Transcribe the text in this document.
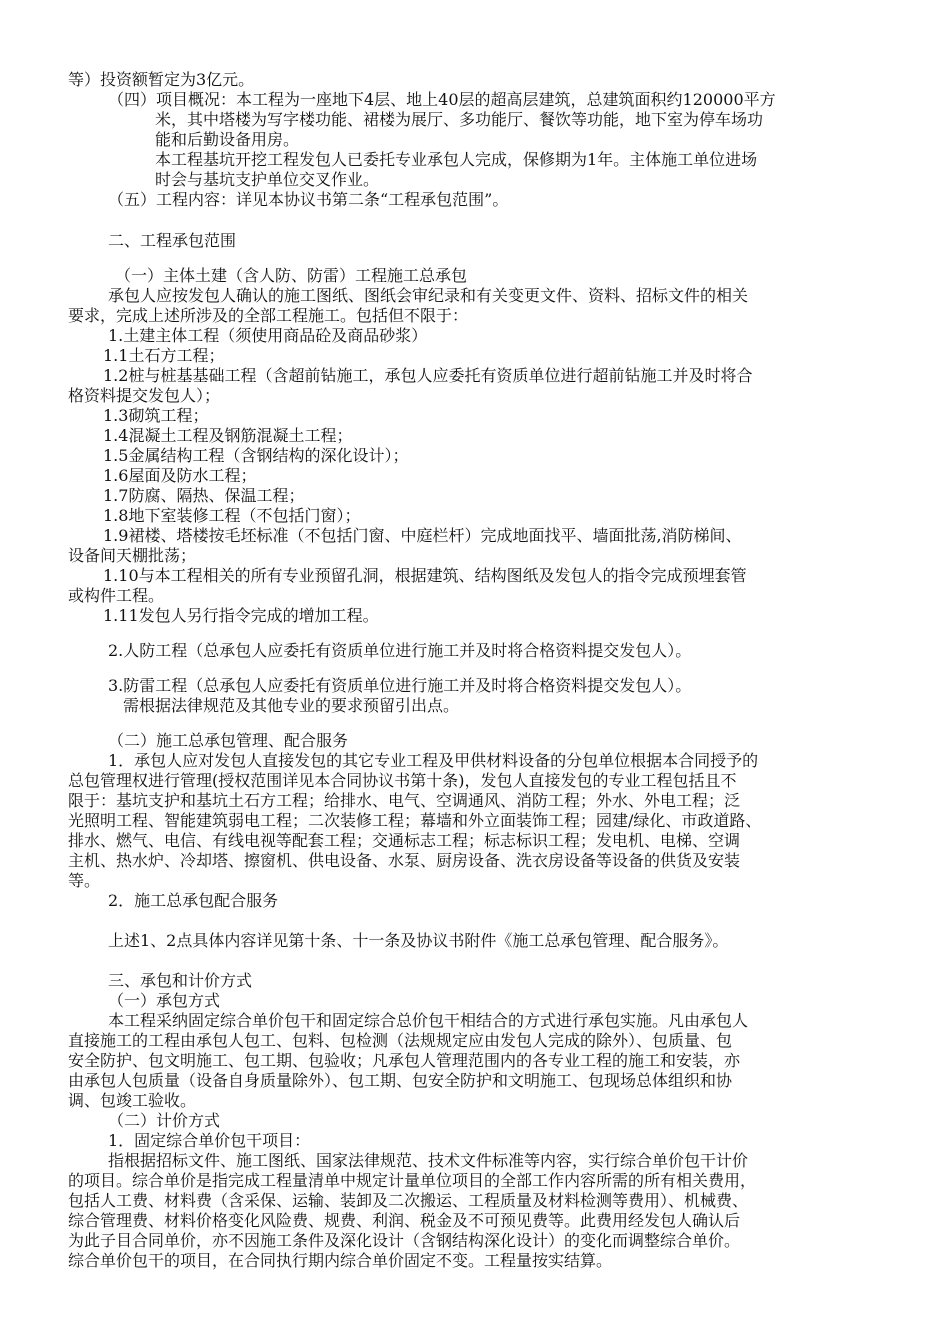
等）投资额暂定为3亿元。
（四）项目概况：本工程为一座地下4层、地上40层的超高层建筑，总建筑面积约120000平方
米，其中塔楼为写字楼功能、裙楼为展厅、多功能厅、餐饮等功能，地下室为停车场功
能和后勤设备用房。
本工程基坑开挖工程发包人已委托专业承包人完成，保修期为1年。主体施工单位进场
时会与基坑支护单位交叉作业。
（五）工程内容：详见本协议书第二条“工程承包范围”。
二、工程承包范围
（一）主体土建（含人防、防雷）工程施工总承包
承包人应按发包人确认的施工图纸、图纸会审纪录和有关变更文件、资料、招标文件的相关
要求，完成上述所涉及的全部工程施工。包括但不限于：
1.土建主体工程（须使用商品砼及商品砂浆）
1.1土石方工程；
1.2桩与桩基基础工程（含超前钻施工，承包人应委托有资质单位进行超前钻施工并及时将合
格资料提交发包人）；
1.3砌筑工程；
1.4混凝土工程及钢筋混凝土工程；
1.5金属结构工程（含钢结构的深化设计）；
1.6屋面及防水工程；
1.7防腐、隔热、保温工程；
1.8地下室装修工程（不包括门窗）；
1.9裙楼、塔楼按毛坯标准（不包括门窗、中庭栏杆）完成地面找平、墙面批荡,消防梯间、
设备间天棚批荡；
1.10与本工程相关的所有专业预留孔洞，根据建筑、结构图纸及发包人的指令完成预埋套管
或构件工程。
1.11发包人另行指令完成的增加工程。
2.人防工程（总承包人应委托有资质单位进行施工并及时将合格资料提交发包人）。
3.防雷工程（总承包人应委托有资质单位进行施工并及时将合格资料提交发包人）。
需根据法律规范及其他专业的要求预留引出点。
（二）施工总承包管理、配合服务
1．承包人应对发包人直接发包的其它专业工程及甲供材料设备的分包单位根据本合同授予的
总包管理权进行管理(授权范围详见本合同协议书第十条)，发包人直接发包的专业工程包括且不
限于：基坑支护和基坑土石方工程；给排水、电气、空调通风、消防工程；外水、外电工程；泛
光照明工程、智能建筑弱电工程；二次装修工程；幕墙和外立面装饰工程；园建/绿化、市政道路、
排水、燃气、电信、有线电视等配套工程；交通标志工程；标志标识工程；发电机、电梯、空调
主机、热水炉、冷却塔、擦窗机、供电设备、水泵、厨房设备、洗衣房设备等设备的供货及安装
等。
2．施工总承包配合服务
上述1、2点具体内容详见第十条、十一条及协议书附件《施工总承包管理、配合服务》。
三、承包和计价方式
（一）承包方式
本工程采纳固定综合单价包干和固定综合总价包干相结合的方式进行承包实施。凡由承包人
直接施工的工程由承包人包工、包料、包检测（法规规定应由发包人完成的除外）、包质量、包
安全防护、包文明施工、包工期、包验收；凡承包人管理范围内的各专业工程的施工和安装，亦
由承包人包质量（设备自身质量除外）、包工期、包安全防护和文明施工、包现场总体组织和协
调、包竣工验收。
（二）计价方式
1．固定综合单价包干项目：
指根据招标文件、施工图纸、国家法律规范、技术文件标准等内容，实行综合单价包干计价
的项目。综合单价是指完成工程量清单中规定计量单位项目的全部工作内容所需的所有相关费用，
包括人工费、材料费（含采保、运输、装卸及二次搬运、工程质量及材料检测等费用）、机械费、
综合管理费、材料价格变化风险费、规费、利润、税金及不可预见费等。此费用经发包人确认后
为此子目合同单价，亦不因施工条件及深化设计（含钢结构深化设计）的变化而调整综合单价。
综合单价包干的项目，在合同执行期内综合单价固定不变。工程量按实结算。
